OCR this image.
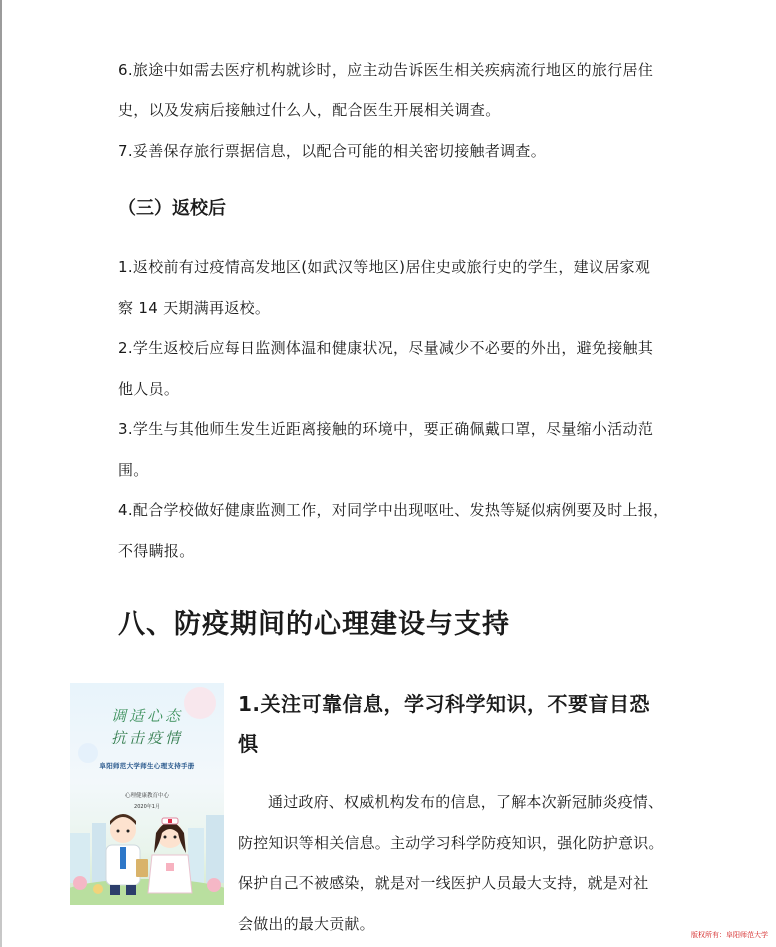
6.旅途中如需去医疗机构就诊时，应主动告诉医生相关疾病流行地区的旅行居住
史，以及发病后接触过什么人，配合医生开展相关调查。
7.妥善保存旅行票据信息，以配合可能的相关密切接触者调查。
（三）返校后
1.返校前有过疫情高发地区(如武汉等地区)居住史或旅行史的学生，建议居家观
察 14 天期满再返校。
2.学生返校后应每日监测体温和健康状况，尽量减少不必要的外出，避免接触其
他人员。
3.学生与其他师生发生近距离接触的环境中，要正确佩戴口罩，尽量缩小活动范
围。
4.配合学校做好健康监测工作，对同学中出现呕吐、发热等疑似病例要及时上报，
不得瞒报。
八、防疫期间的心理建设与支持
调适心态
抗击疫情
阜阳师范大学师生心理支持手册
心理健康教育中心
2020年1月
1.关注可靠信息，学习科学知识，不要盲目恐
惧
通过政府、权威机构发布的信息，了解本次新冠肺炎疫情、
防控知识等相关信息。主动学习科学防疫知识，强化防护意识。
保护自己不被感染，就是对一线医护人员最大支持，就是对社
会做出的最大贡献。
版权所有：阜阳师范大学
